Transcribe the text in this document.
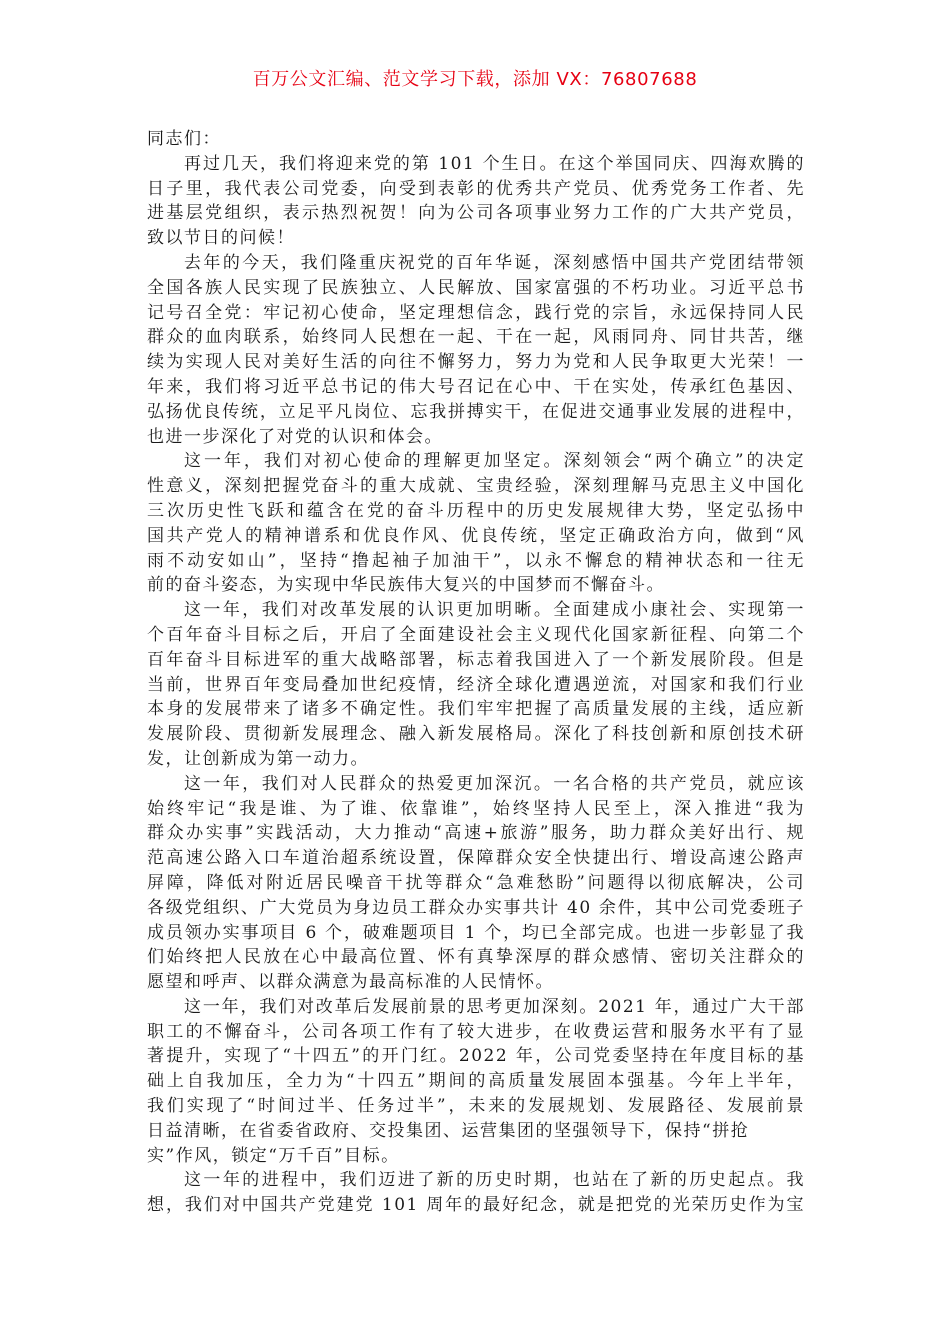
百万公文汇编、范文学习下载，添加 VX：76807688
同志们：
再过几天，我们将迎来党的第 101 个生日。在这个举国同庆、四海欢腾的
日子里，我代表公司党委，向受到表彰的优秀共产党员、优秀党务工作者、先
进基层党组织，表示热烈祝贺！向为公司各项事业努力工作的广大共产党员，
致以节日的问候！
去年的今天，我们隆重庆祝党的百年华诞，深刻感悟中国共产党团结带领
全国各族人民实现了民族独立、人民解放、国家富强的不朽功业。习近平总书
记号召全党：牢记初心使命，坚定理想信念，践行党的宗旨，永远保持同人民
群众的血肉联系，始终同人民想在一起、干在一起，风雨同舟、同甘共苦，继
续为实现人民对美好生活的向往不懈努力，努力为党和人民争取更大光荣！一
年来，我们将习近平总书记的伟大号召记在心中、干在实处，传承红色基因、
弘扬优良传统，立足平凡岗位、忘我拼搏实干，在促进交通事业发展的进程中，
也进一步深化了对党的认识和体会。
这一年，我们对初心使命的理解更加坚定。深刻领会“两个确立”的决定
性意义，深刻把握党奋斗的重大成就、宝贵经验，深刻理解马克思主义中国化
三次历史性飞跃和蕴含在党的奋斗历程中的历史发展规律大势，坚定弘扬中
国共产党人的精神谱系和优良作风、优良传统，坚定正确政治方向，做到“风
雨不动安如山”，坚持“撸起袖子加油干”，以永不懈怠的精神状态和一往无
前的奋斗姿态，为实现中华民族伟大复兴的中国梦而不懈奋斗。
这一年，我们对改革发展的认识更加明晰。全面建成小康社会、实现第一
个百年奋斗目标之后，开启了全面建设社会主义现代化国家新征程、向第二个
百年奋斗目标进军的重大战略部署，标志着我国进入了一个新发展阶段。但是
当前，世界百年变局叠加世纪疫情，经济全球化遭遇逆流，对国家和我们行业
本身的发展带来了诸多不确定性。我们牢牢把握了高质量发展的主线，适应新
发展阶段、贯彻新发展理念、融入新发展格局。深化了科技创新和原创技术研
发，让创新成为第一动力。
这一年，我们对人民群众的热爱更加深沉。一名合格的共产党员，就应该
始终牢记“我是谁、为了谁、依靠谁”，始终坚持人民至上，深入推进“我为
群众办实事”实践活动，大力推动“高速+旅游”服务，助力群众美好出行、规
范高速公路入口车道治超系统设置，保障群众安全快捷出行、增设高速公路声
屏障，降低对附近居民噪音干扰等群众“急难愁盼”问题得以彻底解决，公司
各级党组织、广大党员为身边员工群众办实事共计 40 余件，其中公司党委班子
成员领办实事项目 6 个，破难题项目 1 个，均已全部完成。也进一步彰显了我
们始终把人民放在心中最高位置、怀有真挚深厚的群众感情、密切关注群众的
愿望和呼声、以群众满意为最高标准的人民情怀。
这一年，我们对改革后发展前景的思考更加深刻。2021 年，通过广大干部
职工的不懈奋斗，公司各项工作有了较大进步，在收费运营和服务水平有了显
著提升，实现了“十四五”的开门红。2022 年，公司党委坚持在年度目标的基
础上自我加压，全力为“十四五”期间的高质量发展固本强基。今年上半年，
我们实现了“时间过半、任务过半”，未来的发展规划、发展路径、发展前景
日益清晰，在省委省政府、交投集团、运营集团的坚强领导下，保持“拼抢
实”作风，锁定“万千百”目标。
这一年的进程中，我们迈进了新的历史时期，也站在了新的历史起点。我
想，我们对中国共产党建党 101 周年的最好纪念，就是把党的光荣历史作为宝
